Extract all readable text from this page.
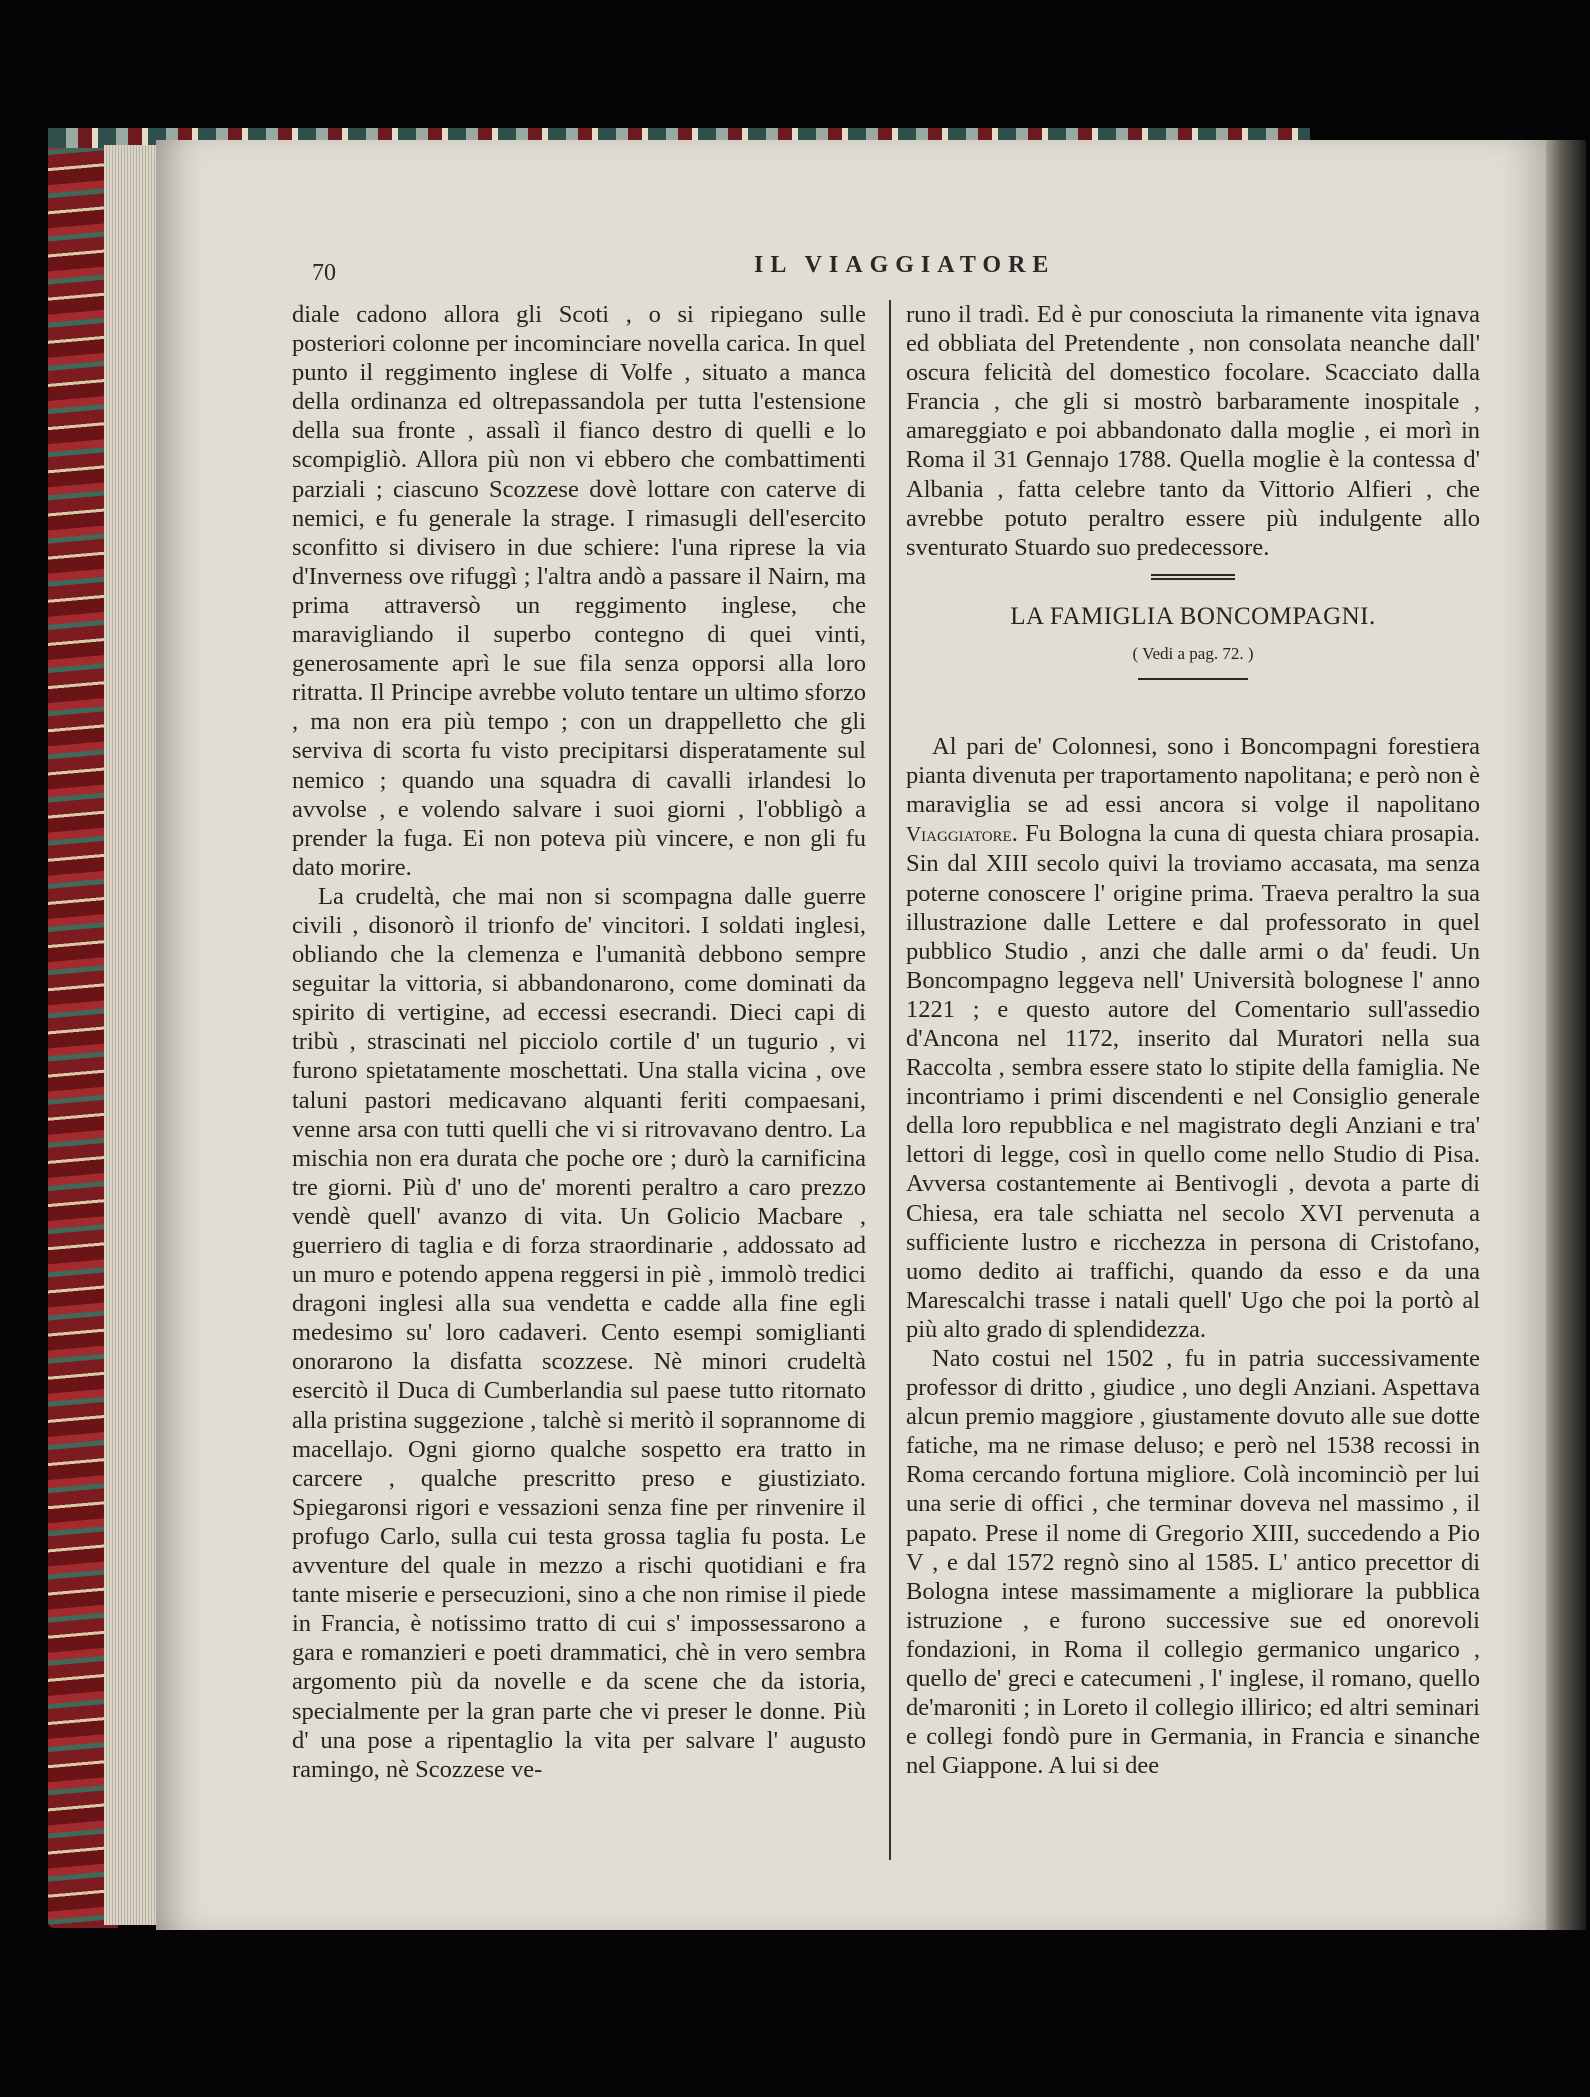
70	IL VIAGGIATORE

diale cadono allora gli Scoti , o si ripiegano sulle posteriori colonne per incominciare novella carica. In quel punto il reggimento inglese di Volfe , situato a manca della ordinanza ed oltrepassandola per tutta l'estensione della sua fronte , assalì il fianco destro di quelli e lo scompigliò. Allora più non vi ebbero che combattimenti parziali ; ciascuno Scozzese dovè lottare con caterve di nemici, e fu generale la strage. I rimasugli dell'esercito sconfitto si divisero in due schiere: l'una riprese la via d'Inverness ove rifuggì ; l'altra andò a passare il Nairn, ma prima attraversò un reggimento inglese, che maravigliando il superbo contegno di quei vinti, generosamente aprì le sue fila senza opporsi alla loro ritratta. Il Principe avrebbe voluto tentare un ultimo sforzo , ma non era più tempo ; con un drappelletto che gli serviva di scorta fu visto precipitarsi disperatamente sul nemico ; quando una squadra di cavalli irlandesi lo avvolse , e volendo salvare i suoi giorni , l'obbligò a prender la fuga. Ei non poteva più vincere, e non gli fu dato morire.

La crudeltà, che mai non si scompagna dalle guerre civili , disonorò il trionfo de' vincitori. I soldati inglesi, obliando che la clemenza e l'umanità debbono sempre seguitar la vittoria, si abbandonarono, come dominati da spirito di vertigine, ad eccessi esecrandi. Dieci capi di tribù , strascinati nel picciolo cortile d' un tugurio , vi furono spietatamente moschettati. Una stalla vicina , ove taluni pastori medicavano alquanti feriti compaesani, venne arsa con tutti quelli che vi si ritrovavano dentro. La mischia non era durata che poche ore ; durò la carnificina tre giorni. Più d' uno de' morenti peraltro a caro prezzo vendè quell' avanzo di vita. Un Golicio Macbare , guerriero di taglia e di forza straordinarie , addossato ad un muro e potendo appena reggersi in piè , immolò tredici dragoni inglesi alla sua vendetta e cadde alla fine egli medesimo su' loro cadaveri. Cento esempi somiglianti onorarono la disfatta scozzese. Nè minori crudeltà esercitò il Duca di Cumberlandia sul paese tutto ritornato alla pristina suggezione , talchè si meritò il soprannome di macellajo. Ogni giorno qualche sospetto era tratto in carcere , qualche prescritto preso e giustiziato. Spiegaronsi rigori e vessazioni senza fine per rinvenire il profugo Carlo, sulla cui testa grossa taglia fu posta. Le avventure del quale in mezzo a rischi quotidiani e fra tante miserie e persecuzioni, sino a che non rimise il piede in Francia, è notissimo tratto di cui s' impossessarono a gara e romanzieri e poeti drammatici, chè in vero sembra argomento più da novelle e da scene che da istoria, specialmente per la gran parte che vi preser le donne. Più d' una pose a ripentaglio la vita per salvare l' augusto ramingo, nè Scozzese ve-

runo il tradì. Ed è pur conosciuta la rimanente vita ignava ed obbliata del Pretendente , non consolata neanche dall' oscura felicità del domestico focolare. Scacciato dalla Francia , che gli si mostrò barbaramente inospitale , amareggiato e poi abbandonato dalla moglie , ei morì in Roma il 31 Gennajo 1788. Quella moglie è la contessa d' Albania , fatta celebre tanto da Vittorio Alfieri , che avrebbe potuto peraltro essere più indulgente allo sventurato Stuardo suo predecessore.

LA FAMIGLIA BONCOMPAGNI.
( Vedi a pag. 72. )

Al pari de' Colonnesi, sono i Boncompagni forestiera pianta divenuta per traportamento napolitana; e però non è maraviglia se ad essi ancora si volge il napolitano Viaggiatore. Fu Bologna la cuna di questa chiara prosapia. Sin dal XIII secolo quivi la troviamo accasata, ma senza poterne conoscere l' origine prima. Traeva peraltro la sua illustrazione dalle Lettere e dal professorato in quel pubblico Studio , anzi che dalle armi o da' feudi. Un Boncompagno leggeva nell' Università bolognese l' anno 1221 ; e questo autore del Comentario sull'assedio d'Ancona nel 1172, inserito dal Muratori nella sua Raccolta , sembra essere stato lo stipite della famiglia. Ne incontriamo i primi discendenti e nel Consiglio generale della loro repubblica e nel magistrato degli Anziani e tra' lettori di legge, così in quello come nello Studio di Pisa. Avversa costantemente ai Bentivogli , devota a parte di Chiesa, era tale schiatta nel secolo XVI pervenuta a sufficiente lustro e ricchezza in persona di Cristofano, uomo dedito ai traffichi, quando da esso e da una Marescalchi trasse i natali quell' Ugo che poi la portò al più alto grado di splendidezza.

Nato costui nel 1502 , fu in patria successivamente professor di dritto , giudice , uno degli Anziani. Aspettava alcun premio maggiore , giustamente dovuto alle sue dotte fatiche, ma ne rimase deluso; e però nel 1538 recossi in Roma cercando fortuna migliore. Colà incominciò per lui una serie di offici , che terminar doveva nel massimo , il papato. Prese il nome di Gregorio XIII, succedendo a Pio V , e dal 1572 regnò sino al 1585. L' antico precettor di Bologna intese massimamente a migliorare la pubblica istruzione , e furono successive sue ed onorevoli fondazioni, in Roma il collegio germanico ungarico , quello de' greci e catecumeni , l' inglese, il romano, quello de'maroniti ; in Loreto il collegio illirico; ed altri seminari e collegi fondò pure in Germania, in Francia e sinanche nel Giappone. A lui si dee
